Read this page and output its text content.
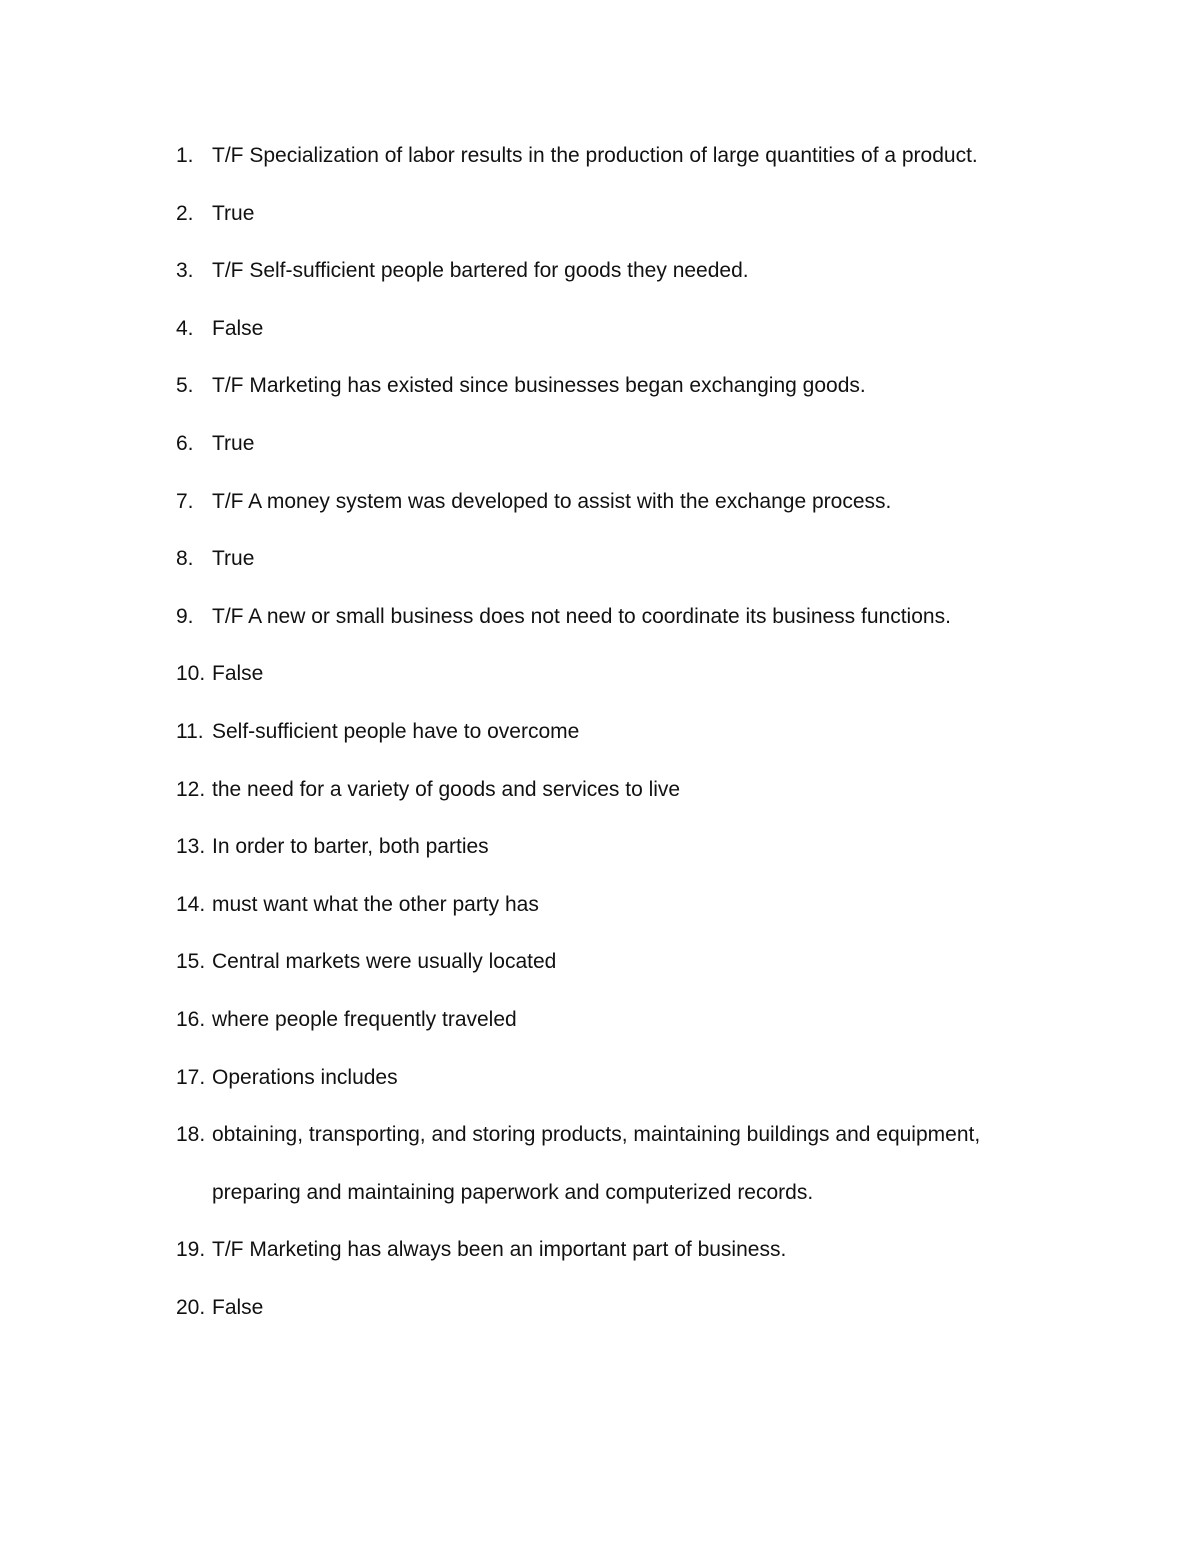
1. T/F Specialization of labor results in the production of large quantities of a product.
2. True
3. T/F Self-sufficient people bartered for goods they needed.
4. False
5. T/F Marketing has existed since businesses began exchanging goods.
6. True
7. T/F A money system was developed to assist with the exchange process.
8. True
9. T/F A new or small business does not need to coordinate its business functions.
10. False
11. Self-sufficient people have to overcome
12. the need for a variety of goods and services to live
13. In order to barter, both parties
14. must want what the other party has
15. Central markets were usually located
16. where people frequently traveled
17. Operations includes
18. obtaining, transporting, and storing products, maintaining buildings and equipment,
preparing and maintaining paperwork and computerized records.
19. T/F Marketing has always been an important part of business.
20. False
